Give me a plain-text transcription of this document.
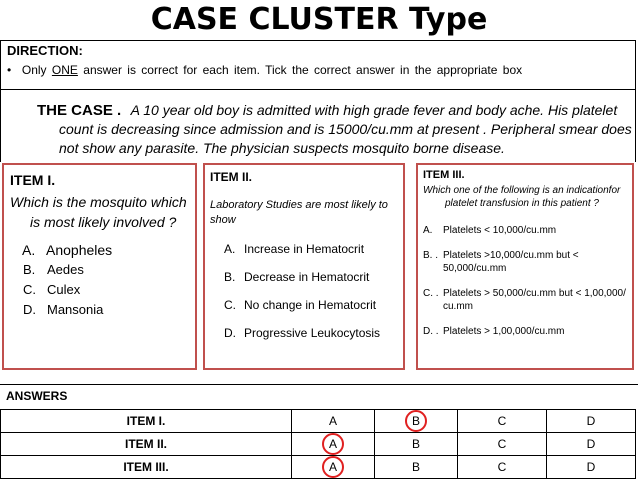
CASE CLUSTER Type
DIRECTION:
• Only ONE answer is correct for each item. Tick the correct answer in the appropriate box

THE CASE . A 10 year old boy is admitted with high grade fever and body ache. His platelet count is decreasing since admission and is 15000/cu.mm at present . Peripheral smear does not show any parasite. The physician suspects mosquito borne disease.

ITEM I.
Which is the mosquito which is most likely involved ?
A. Anopheles
B. Aedes
C. Culex
D. Mansonia
ITEM II.
Laboratory Studies are most likely to show
A. Increase in Hematocrit
B. Decrease in Hematocrit
C. No change in Hematocrit
D. Progressive Leukocytosis
ITEM III.
Which one of the following is an indicationfor platelet transfusion in this patient ?
A. Platelets < 10,000/cu.mm
B. . Platelets >10,000/cu.mm but < 50,000/cu.mm
C. . Platelets > 50,000/cu.mm but < 1,00,000/ cu.mm
D. . Platelets > 1,00,000/cu.mm
ANSWERS
ITEM I.	A	B	C	D
ITEM II.	A	B	C	D
ITEM III.	A	B	C	D
